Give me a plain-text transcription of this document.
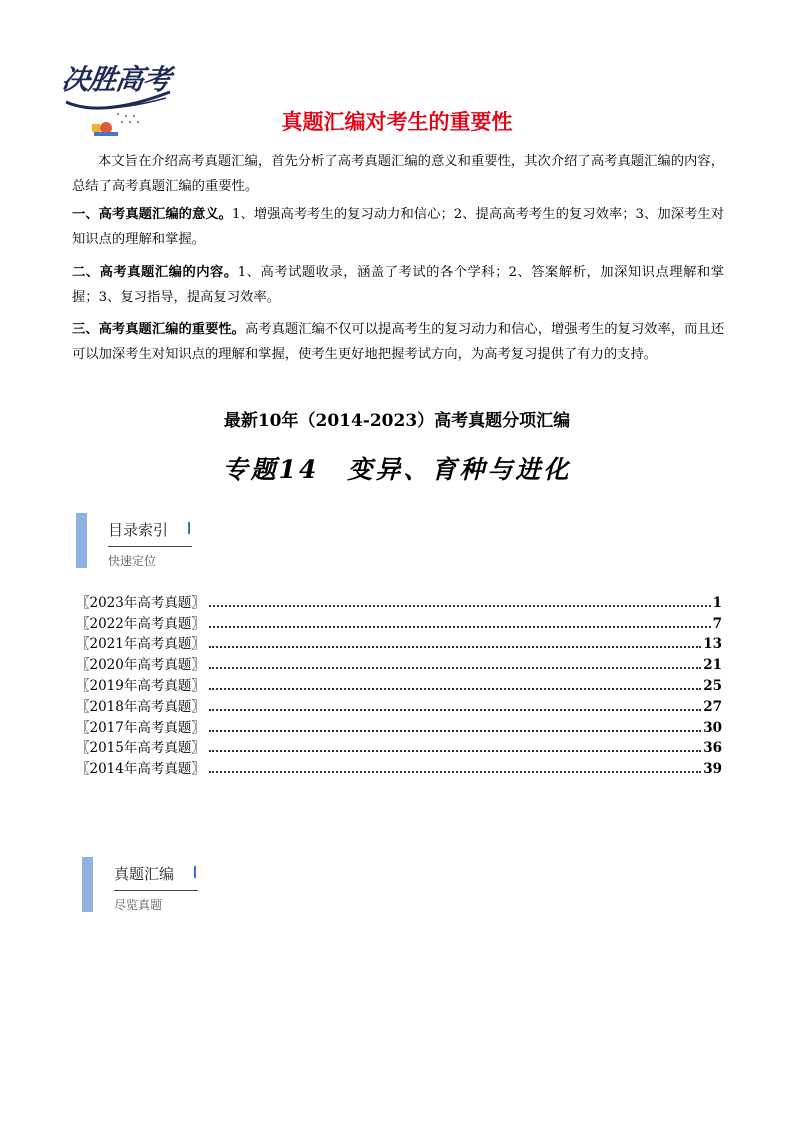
决胜高考
真题汇编对考生的重要性
本文旨在介绍高考真题汇编，首先分析了高考真题汇编的意义和重要性，其次介绍了高考真题汇编的内容，总结了高考真题汇编的重要性。
一、高考真题汇编的意义。1、增强高考考生的复习动力和信心；2、提高高考考生的复习效率；3、加深考生对知识点的理解和掌握。
二、高考真题汇编的内容。1、高考试题收录，涵盖了考试的各个学科；2、答案解析，加深知识点理解和掌握；3、复习指导，提高复习效率。
三、高考真题汇编的重要性。高考真题汇编不仅可以提高考生的复习动力和信心，增强考生的复习效率，而且还可以加深考生对知识点的理解和掌握，使考生更好地把握考试方向，为高考复习提供了有力的支持。
最新10年（2014-2023）高考真题分项汇编
专题14　变异、育种与进化
目录索引
快速定位
〖2023年高考真题〗	1
〖2022年高考真题〗	7
〖2021年高考真题〗	13
〖2020年高考真题〗	21
〖2019年高考真题〗	25
〖2018年高考真题〗	27
〖2017年高考真题〗	30
〖2015年高考真题〗	36
〖2014年高考真题〗	39
真题汇编
尽览真题
